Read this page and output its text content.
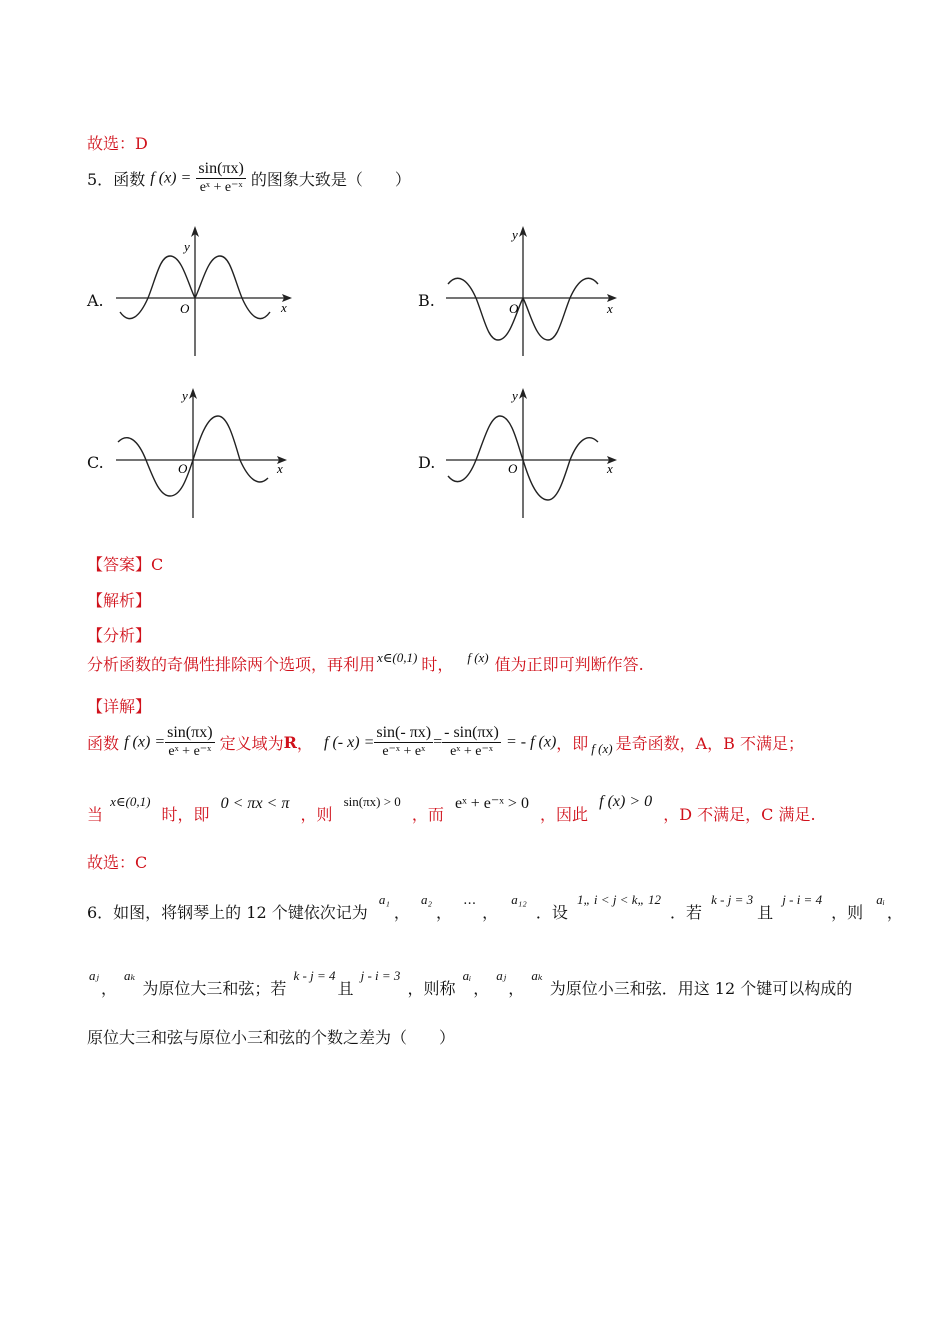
故选：D
5．函数 f $(x) = \frac{\sin(\pi x)}{\text{eˣ + e⁻ˣ}}$ 的图象大致是（　　）
A.	B.
C.	D.
y
x
O
y
x
O
y
x
O
y
x
O
【答案】C
【解析】
【分析】
分析函数的奇偶性排除两个选项，再利用 $^{x\in(0,1)}$ 时， $^{f (x)}$ 值为正即可判断作答.
【详解】
函数 f $(x) = \frac{\sin(\pi x)}{\text{eˣ + e⁻ˣ}}$ 定义域为R， f (- $x) = \frac{\sin(- \pi x)}{\text{e⁻ˣ + eˣ}} = \frac{- \sin(\pi x)}{\text{eˣ + e⁻ˣ}}$ = - f (x)，即 $_{f (x)}$ 是奇函数，A，B 不满足；
当 x∈(0,1) 时，即 0 < πx < π ，则 sin(πx) > 0 ，而 eˣ + e⁻ˣ > 0 ，因此 f (x) > 0 ，D 不满足，C 满足.
故选：C
6．如图，将钢琴上的 12 个键依次记为 a₁， a₂， …， a₁₂ ．设 1„ i < j < k„ 12 ．若 k - j = 3且 j - i = 4 ，则 aᵢ，
aⱼ， aₖ 为原位大三和弦；若 k - j = 4且 j - i = 3 ，则称 aᵢ， aⱼ， aₖ 为原位小三和弦．用这 12 个键可以构成的
原位大三和弦与原位小三和弦的个数之差为（　　）
